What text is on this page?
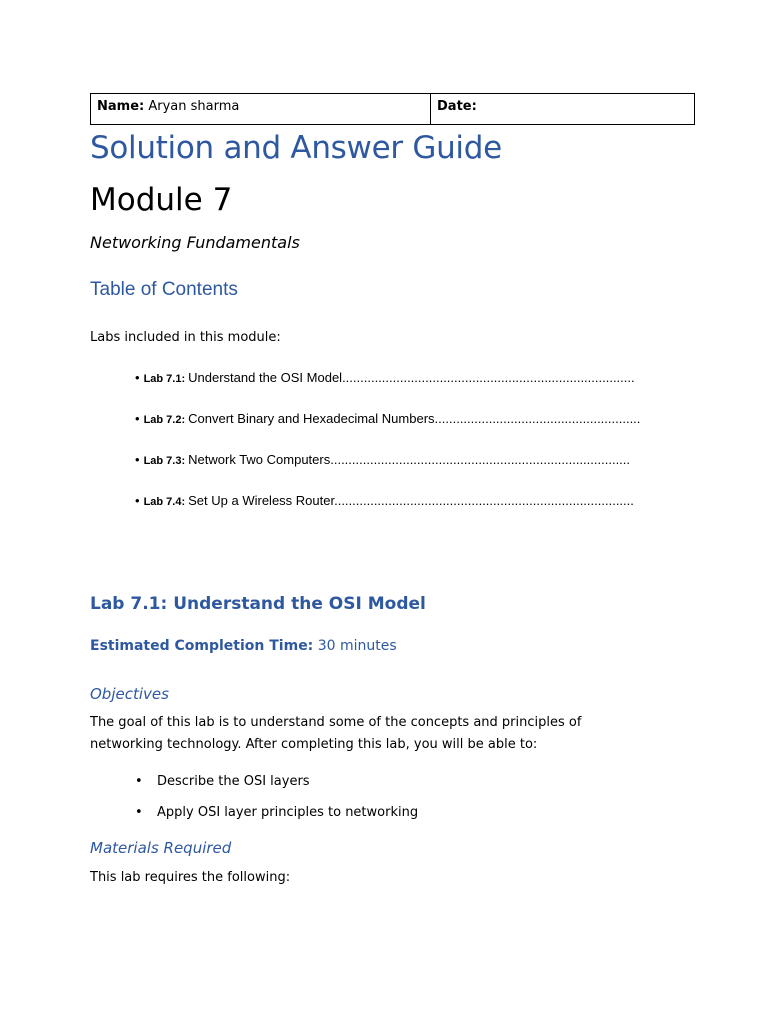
Name: Aryan sharma	Date:
Solution and Answer Guide
Module 7

Networking Fundamentals

Table of Contents

Labs included in this module:

• Lab 7.1: Understand the OSI Model.................................................................................
• Lab 7.2: Convert Binary and Hexadecimal Numbers.........................................................
• Lab 7.3: Network Two Computers...................................................................................
• Lab 7.4: Set Up a Wireless Router...................................................................................
Lab 7.1: Understand the OSI Model

Estimated Completion Time: 30 minutes

Objectives

The goal of this lab is to understand some of the concepts and principles of networking technology. After completing this lab, you will be able to:

• Describe the OSI layers
• Apply OSI layer principles to networking
Materials Required

This lab requires the following:
